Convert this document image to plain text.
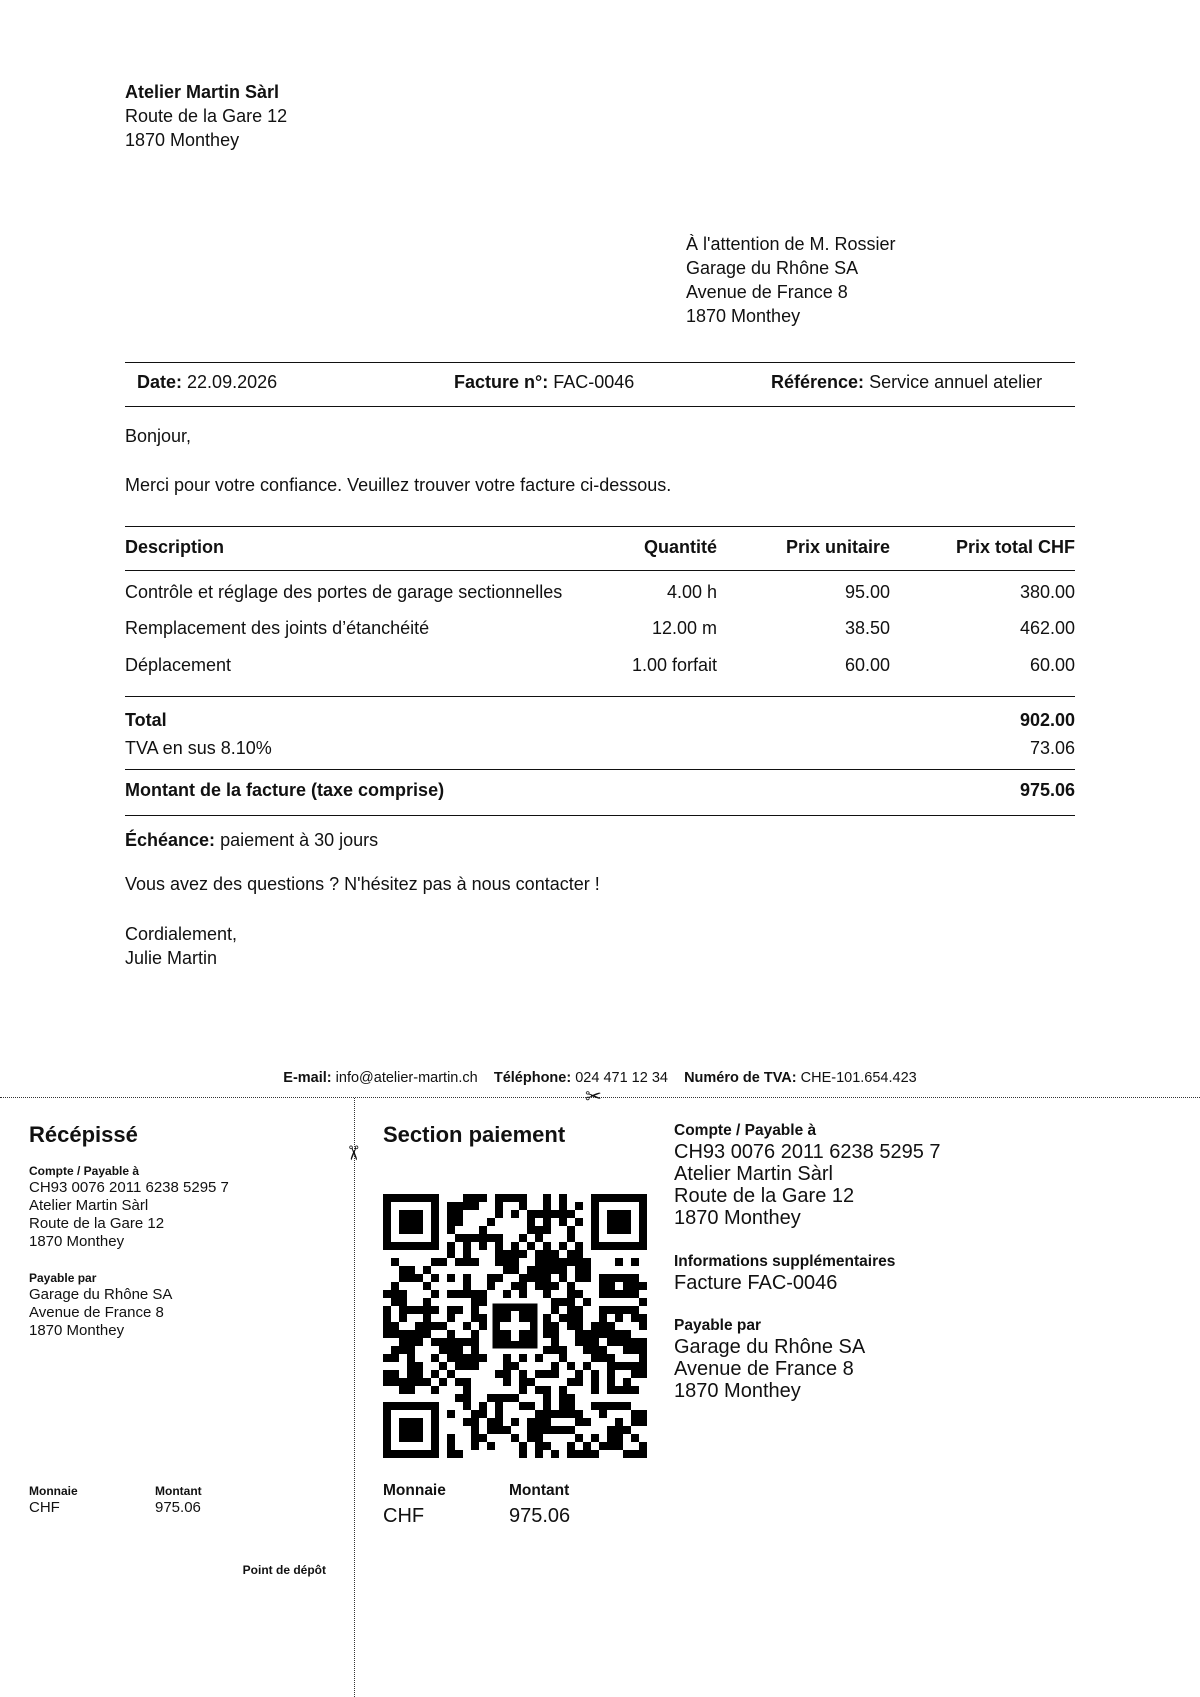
Atelier Martin Sàrl
Route de la Gare 12
1870 Monthey
À l'attention de M. Rossier
Garage du Rhône SA
Avenue de France 8
1870 Monthey
Date: 22.09.2026	Facture n°: FAC-0046	Référence: Service annuel atelier
Bonjour,
Merci pour votre confiance. Veuillez trouver votre facture ci-dessous.
Description	Quantité	Prix unitaire	Prix total CHF
Contrôle et réglage des portes de garage sectionnelles	4.00 h	95.00	380.00
Remplacement des joints d’étanchéité	12.00 m	38.50	462.00
Déplacement	1.00 forfait	60.00	60.00
Total	902.00
TVA en sus 8.10%	73.06
Montant de la facture (taxe comprise)	975.06
Échéance: paiement à 30 jours
Vous avez des questions ? N'hésitez pas à nous contacter !
Cordialement,
Julie Martin
E-mail: info@atelier-martin.ch Téléphone: 024 471 12 34 Numéro de TVA: CHE-101.654.423
✂
✂
Récépissé
Compte / Payable à
CH93 0076 2011 6238 5295 7
Atelier Martin Sàrl
Route de la Gare 12
1870 Monthey
Payable par
Garage du Rhône SA
Avenue de France 8
1870 Monthey
Monnaie
CHF
Montant
975.06
Point de dépôt
Section paiement
Monnaie
CHF
Montant
975.06
Compte / Payable à
CH93 0076 2011 6238 5295 7
Atelier Martin Sàrl
Route de la Gare 12
1870 Monthey
Informations supplémentaires
Facture FAC-0046
Payable par
Garage du Rhône SA
Avenue de France 8
1870 Monthey
